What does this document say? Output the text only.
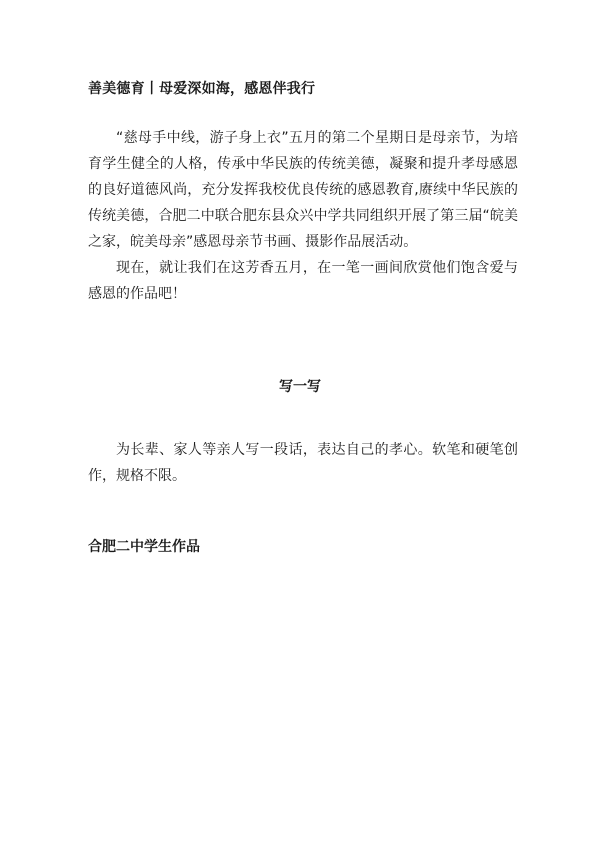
善美德育丨母爱深如海，感恩伴我行
“慈母手中线，游子身上衣”五月的第二个星期日是母亲节，为培育学生健全的人格，传承中华民族的传统美德，凝聚和提升孝母感恩的良好道德风尚，充分发挥我校优良传统的感恩教育,赓续中华民族的传统美德，合肥二中联合肥东县众兴中学共同组织开展了第三届“皖美之家，皖美母亲”感恩母亲节书画、摄影作品展活动。
现在，就让我们在这芳香五月，在一笔一画间欣赏他们饱含爱与感恩的作品吧！
写一写
为长辈、家人等亲人写一段话，表达自己的孝心。软笔和硬笔创作，规格不限。
合肥二中学生作品
